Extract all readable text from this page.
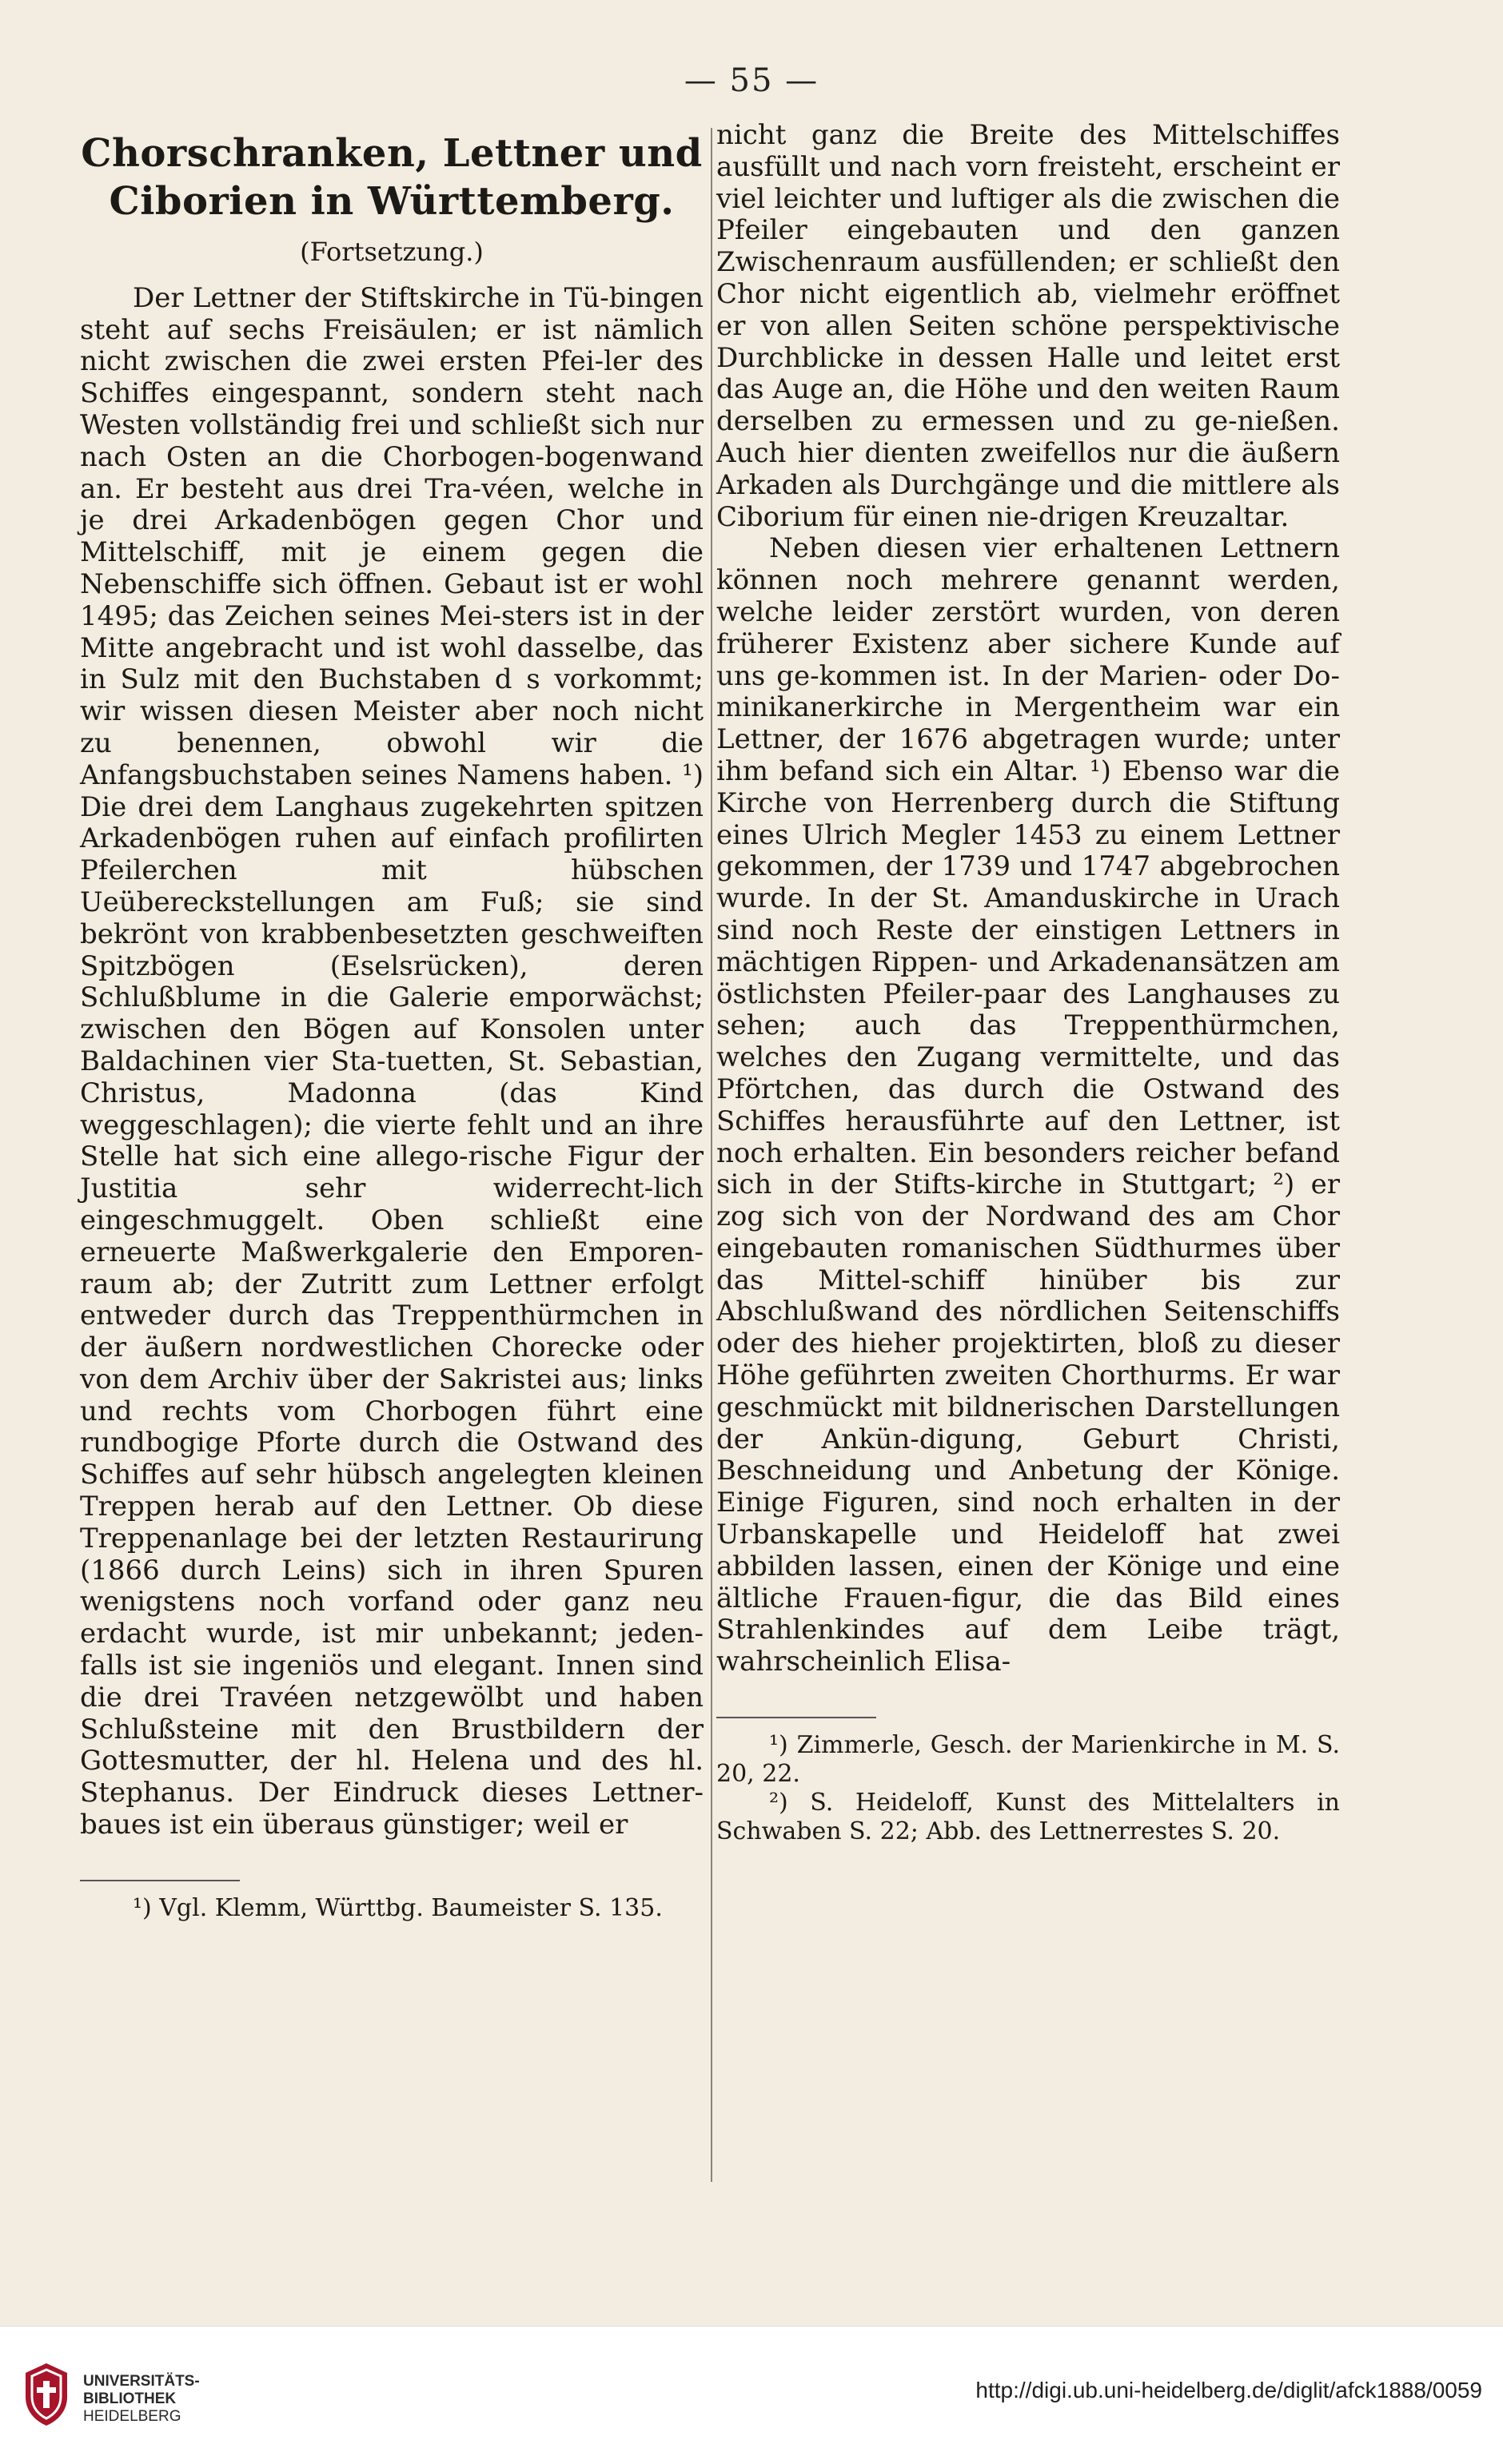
— 55 —
Chorschranken, Lettner und Ciborien in Württemberg.
(Fortsetzung.)

Der Lettner der Stiftskirche in Tü-bingen steht auf sechs Freisäulen; er ist nämlich nicht zwischen die zwei ersten Pfei-ler des Schiffes eingespannt, sondern steht nach Westen vollständig frei und schließt sich nur nach Osten an die Chorbogen-bogenwand an. Er besteht aus drei Tra-véen, welche in je drei Arkadenbögen gegen Chor und Mittelschiff, mit je einem gegen die Nebenschiffe sich öffnen. Gebaut ist er wohl 1495; das Zeichen seines Mei-sters ist in der Mitte angebracht und ist wohl dasselbe, das in Sulz mit den Buchstaben d s vorkommt; wir wissen diesen Meister aber noch nicht zu benennen, obwohl wir die Anfangsbuchstaben seines Namens haben. ¹) Die drei dem Langhaus zugekehrten spitzen Arkadenbögen ruhen auf einfach profilirten Pfeilerchen mit hübschen Ueübereckstellungen am Fuß; sie sind bekrönt von krabbenbesetzten geschweiften Spitzbögen (Eselsrücken), deren Schlußblume in die Galerie emporwächst; zwischen den Bögen auf Konsolen unter Baldachinen vier Sta-tuetten, St. Sebastian, Christus, Madonna (das Kind weggeschlagen); die vierte fehlt und an ihre Stelle hat sich eine allego-rische Figur der Justitia sehr widerrecht-lich eingeschmuggelt. Oben schließt eine erneuerte Maßwerkgalerie den Emporen-raum ab; der Zutritt zum Lettner erfolgt entweder durch das Treppenthürmchen in der äußern nordwestlichen Chorecke oder von dem Archiv über der Sakristei aus; links und rechts vom Chorbogen führt eine rundbogige Pforte durch die Ostwand des Schiffes auf sehr hübsch angelegten kleinen Treppen herab auf den Lettner. Ob diese Treppenanlage bei der letzten Restaurirung (1866 durch Leins) sich in ihren Spuren wenigstens noch vorfand oder ganz neu erdacht wurde, ist mir unbekannt; jeden-falls ist sie ingeniös und elegant. Innen sind die drei Travéen netzgewölbt und haben Schlußsteine mit den Brustbildern der Gottesmutter, der hl. Helena und des hl. Stephanus. Der Eindruck dieses Lettner-baues ist ein überaus günstiger; weil er

¹) Vgl. Klemm, Württbg. Baumeister S. 135.

nicht ganz die Breite des Mittelschiffes ausfüllt und nach vorn freisteht, erscheint er viel leichter und luftiger als die zwischen die Pfeiler eingebauten und den ganzen Zwischenraum ausfüllenden; er schließt den Chor nicht eigentlich ab, vielmehr eröffnet er von allen Seiten schöne perspektivische Durchblicke in dessen Halle und leitet erst das Auge an, die Höhe und den weiten Raum derselben zu ermessen und zu ge-nießen. Auch hier dienten zweifellos nur die äußern Arkaden als Durchgänge und die mittlere als Ciborium für einen nie-drigen Kreuzaltar.

Neben diesen vier erhaltenen Lettnern können noch mehrere genannt werden, welche leider zerstört wurden, von deren früherer Existenz aber sichere Kunde auf uns ge-kommen ist. In der Marien- oder Do-minikanerkirche in Mergentheim war ein Lettner, der 1676 abgetragen wurde; unter ihm befand sich ein Altar. ¹) Ebenso war die Kirche von Herrenberg durch die Stiftung eines Ulrich Megler 1453 zu einem Lettner gekommen, der 1739 und 1747 abgebrochen wurde. In der St. Amanduskirche in Urach sind noch Reste der einstigen Lettners in mächtigen Rippen- und Arkadenansätzen am östlichsten Pfeiler-paar des Langhauses zu sehen; auch das Treppenthürmchen, welches den Zugang vermittelte, und das Pförtchen, das durch die Ostwand des Schiffes herausführte auf den Lettner, ist noch erhalten. Ein besonders reicher befand sich in der Stifts-kirche in Stuttgart; ²) er zog sich von der Nordwand des am Chor eingebauten romanischen Südthurmes über das Mittel-schiff hinüber bis zur Abschlußwand des nördlichen Seitenschiffs oder des hieher projektirten, bloß zu dieser Höhe geführten zweiten Chorthurms. Er war geschmückt mit bildnerischen Darstellungen der Ankün-digung, Geburt Christi, Beschneidung und Anbetung der Könige. Einige Figuren, sind noch erhalten in der Urbanskapelle und Heideloff hat zwei abbilden lassen, einen der Könige und eine ältliche Frauen-figur, die das Bild eines Strahlenkindes auf dem Leibe trägt, wahrscheinlich Elisa-

¹) Zimmerle, Gesch. der Marienkirche in M. S. 20, 22.

²) S. Heideloff, Kunst des Mittelalters in Schwaben S. 22; Abb. des Lettnerrestes S. 20.

UNIVERSITÄTS-
BIBLIOTHEK
HEIDELBERG
http://digi.ub.uni-heidelberg.de/diglit/afck1888/0059
